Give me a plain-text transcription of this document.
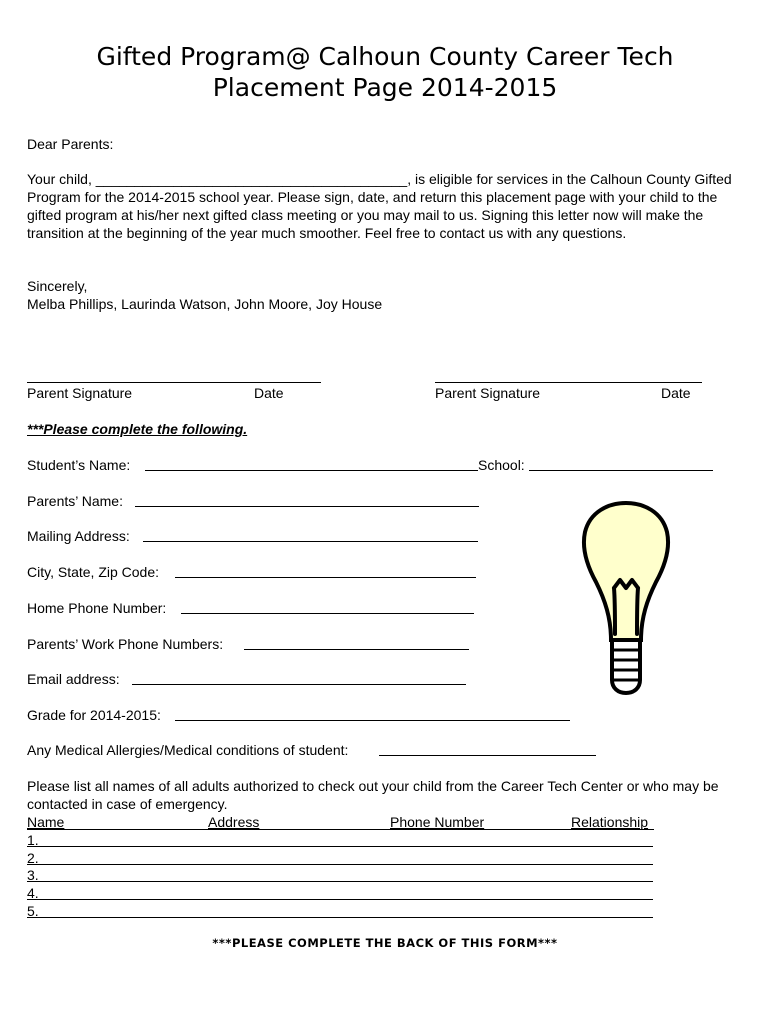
Gifted Program@ Calhoun County Career Tech
Placement Page 2014-2015
Dear Parents:
Your child, ________________________________________, is eligible for services in the Calhoun County Gifted Program for the 2014-2015 school year. Please sign, date, and return this placement page with your child to the gifted program at his/her next gifted class meeting or you may mail to us. Signing this letter now will make the transition at the beginning of the year much smoother. Feel free to contact us with any questions.
Sincerely,
Melba Phillips, Laurinda Watson, John Moore, Joy House
Parent Signature	Date	Parent Signature	Date
***Please complete the following.
Student’s Name:	School:
Parents’ Name:
Mailing Address:
City, State, Zip Code:
Home Phone Number:
Parents’ Work Phone Numbers:
Email address:
Grade for 2014-2015:
Any Medical Allergies/Medical conditions of student:
Please list all names of all adults authorized to check out your child from the Career Tech Center or who may be contacted in case of emergency.
Name	Address	Phone Number	Relationship
1.
2.
3.
4.
5.
***PLEASE COMPLETE THE BACK OF THIS FORM***
